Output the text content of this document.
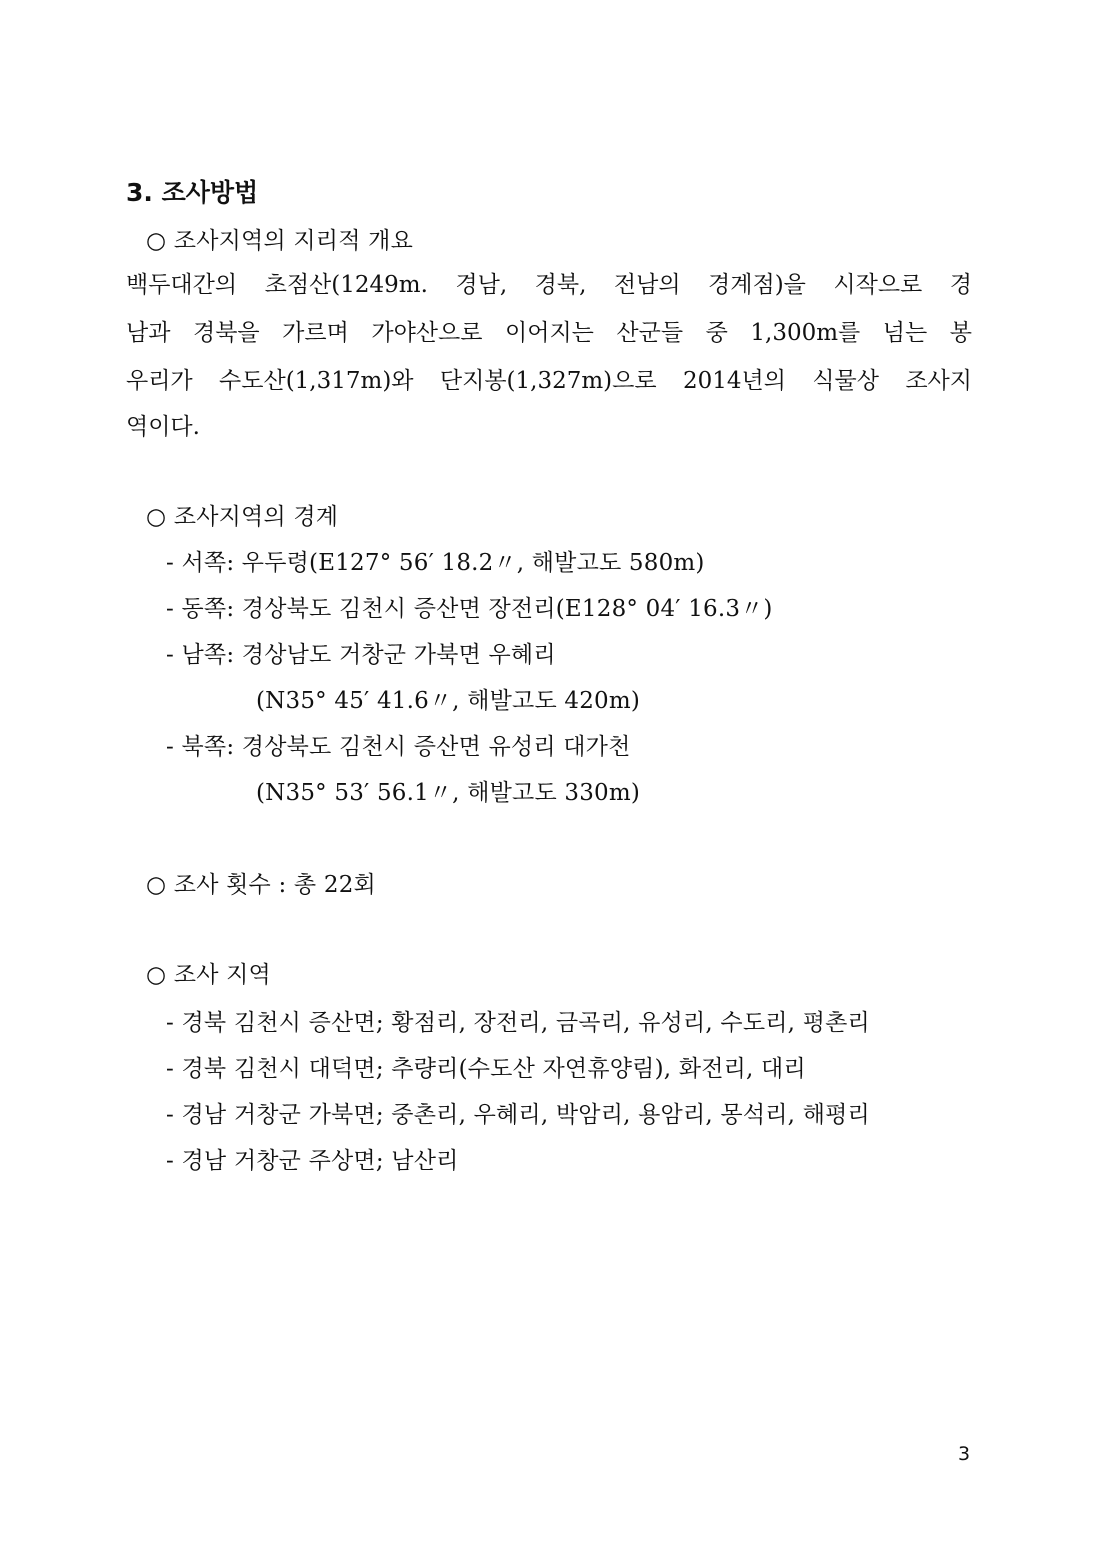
3. 조사방법
○ 조사지역의 지리적 개요
백두대간의 초점산(1249m. 경남, 경북, 전남의 경계점)을 시작으로 경
남과 경북을 가르며 가야산으로 이어지는 산군들 중 1,300m를 넘는 봉
우리가 수도산(1,317m)와 단지봉(1,327m)으로 2014년의 식물상 조사지
역이다.
○ 조사지역의 경계
- 서쪽: 우두령(E127° 56′ 18.2〃, 해발고도 580m)
- 동쪽: 경상북도 김천시 증산면 장전리(E128° 04′ 16.3〃)
- 남쪽: 경상남도 거창군 가북면 우혜리
(N35° 45′ 41.6〃, 해발고도 420m)
- 북쪽: 경상북도 김천시 증산면 유성리 대가천
(N35° 53′ 56.1〃, 해발고도 330m)
○ 조사 횟수 : 총 22회
○ 조사 지역
- 경북 김천시 증산면; 황점리, 장전리, 금곡리, 유성리, 수도리, 평촌리
- 경북 김천시 대덕면; 추량리(수도산 자연휴양림), 화전리, 대리
- 경남 거창군 가북면; 중촌리, 우혜리, 박암리, 용암리, 몽석리, 해평리
- 경남 거창군 주상면; 남산리
3
